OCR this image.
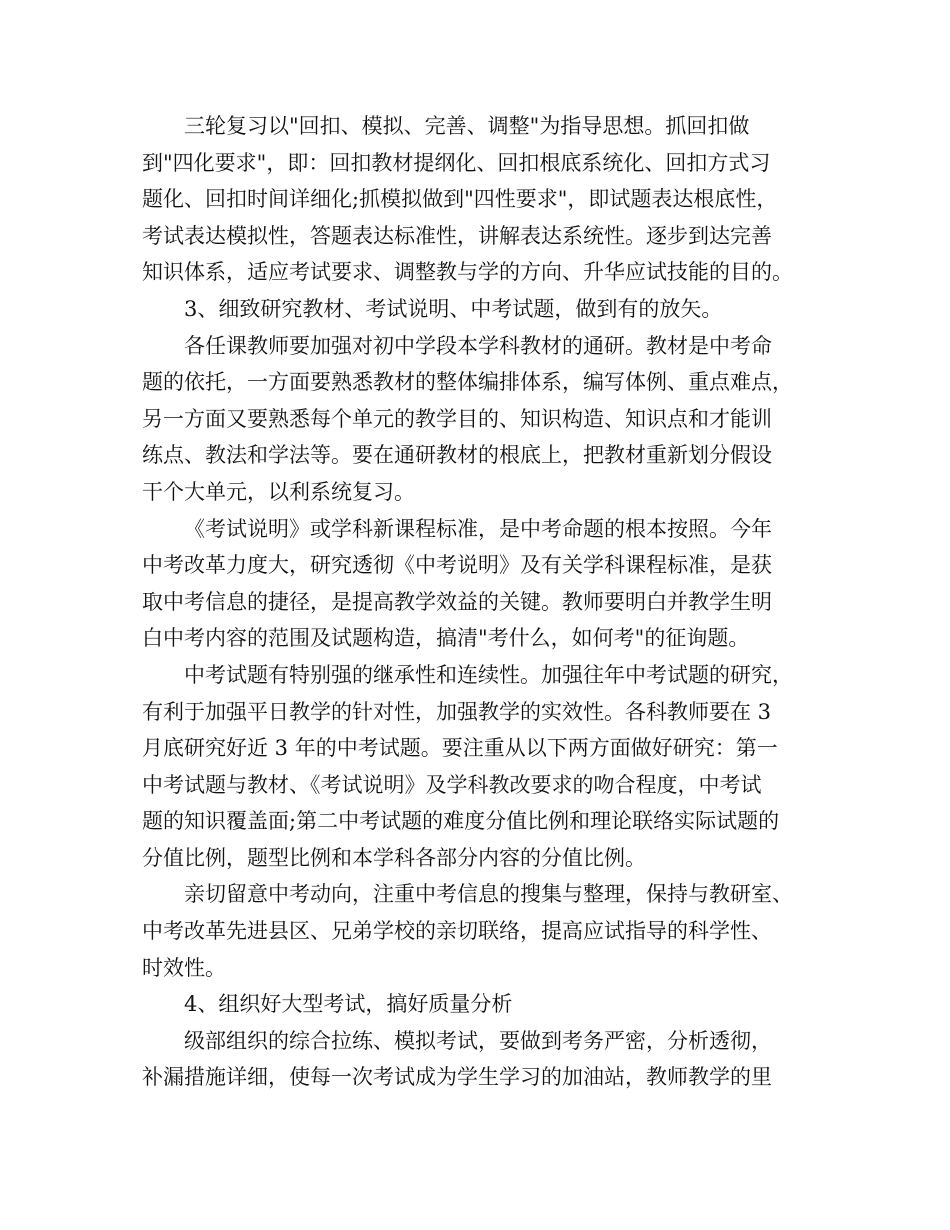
三轮复习以"回扣、模拟、完善、调整"为指导思想。抓回扣做
到"四化要求"，即：回扣教材提纲化、回扣根底系统化、回扣方式习
题化、回扣时间详细化;抓模拟做到"四性要求"，即试题表达根底性，
考试表达模拟性，答题表达标准性，讲解表达系统性。逐步到达完善
知识体系，适应考试要求、调整教与学的方向、升华应试技能的目的。
3、细致研究教材、考试说明、中考试题，做到有的放矢。
各任课教师要加强对初中学段本学科教材的通研。教材是中考命
题的依托，一方面要熟悉教材的整体编排体系，编写体例、重点难点，
另一方面又要熟悉每个单元的教学目的、知识构造、知识点和才能训
练点、教法和学法等。要在通研教材的根底上，把教材重新划分假设
干个大单元，以利系统复习。
《考试说明》或学科新课程标准，是中考命题的根本按照。今年
中考改革力度大，研究透彻《中考说明》及有关学科课程标准，是获
取中考信息的捷径，是提高教学效益的关键。教师要明白并教学生明
白中考内容的范围及试题构造，搞清"考什么，如何考"的征询题。
中考试题有特别强的继承性和连续性。加强往年中考试题的研究，
有利于加强平日教学的针对性，加强教学的实效性。各科教师要在 3
月底研究好近 3 年的中考试题。要注重从以下两方面做好研究：第一
中考试题与教材、《考试说明》及学科教改要求的吻合程度，中考试
题的知识覆盖面;第二中考试题的难度分值比例和理论联络实际试题的
分值比例，题型比例和本学科各部分内容的分值比例。
亲切留意中考动向，注重中考信息的搜集与整理，保持与教研室、
中考改革先进县区、兄弟学校的亲切联络，提高应试指导的科学性、
时效性。
4、组织好大型考试，搞好质量分析
级部组织的综合拉练、模拟考试，要做到考务严密，分析透彻，
补漏措施详细，使每一次考试成为学生学习的加油站，教师教学的里
